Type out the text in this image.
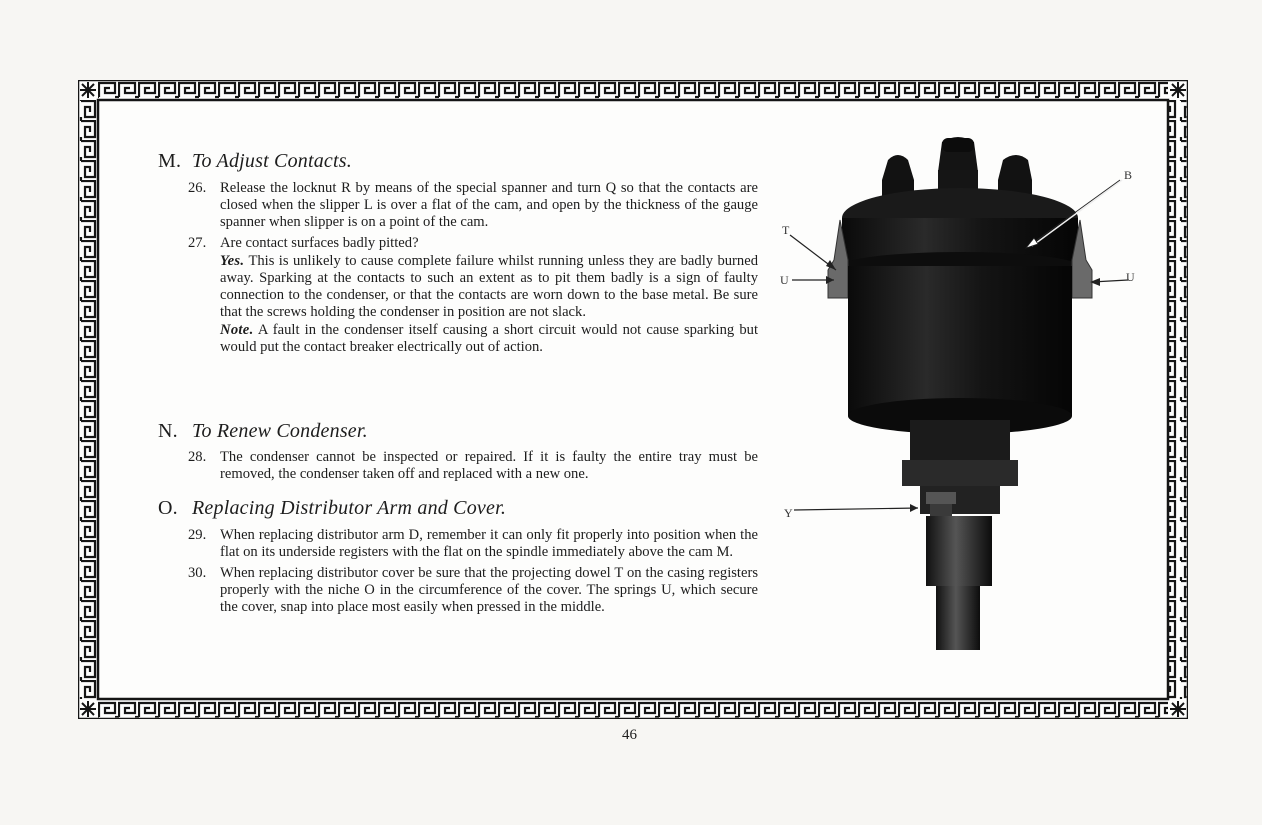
M. To Adjust Contacts.
26. Release the locknut R by means of the special spanner and turn Q so that the contacts are closed when the slipper L is over a flat of the cam, and open by the thickness of the gauge spanner when slipper is on a point of the cam.

27. Are contact surfaces badly pitted?

Yes. This is unlikely to cause complete failure whilst running unless they are badly burned away. Sparking at the contacts to such an extent as to pit them badly is a sign of faulty connection to the condenser, or that the contacts are worn down to the base metal. Be sure that the screws holding the condenser in position are not slack.

Note. A fault in the condenser itself causing a short circuit would not cause sparking but would put the contact breaker electrically out of action.

N. To Renew Condenser.
28. The condenser cannot be inspected or repaired. If it is faulty the entire tray must be removed, the condenser taken off and replaced with a new one.

O. Replacing Distributor Arm and Cover.
29. When replacing distributor arm D, remember it can only fit properly into position when the flat on its underside registers with the flat on the spindle immediately above the cam M.

30. When replacing distributor cover be sure that the projecting dowel T on the casing registers properly with the niche O in the circumference of the cover. The springs U, which secure the cover, snap into place most easily when pressed in the middle.

T
U
B
U
Y
46
